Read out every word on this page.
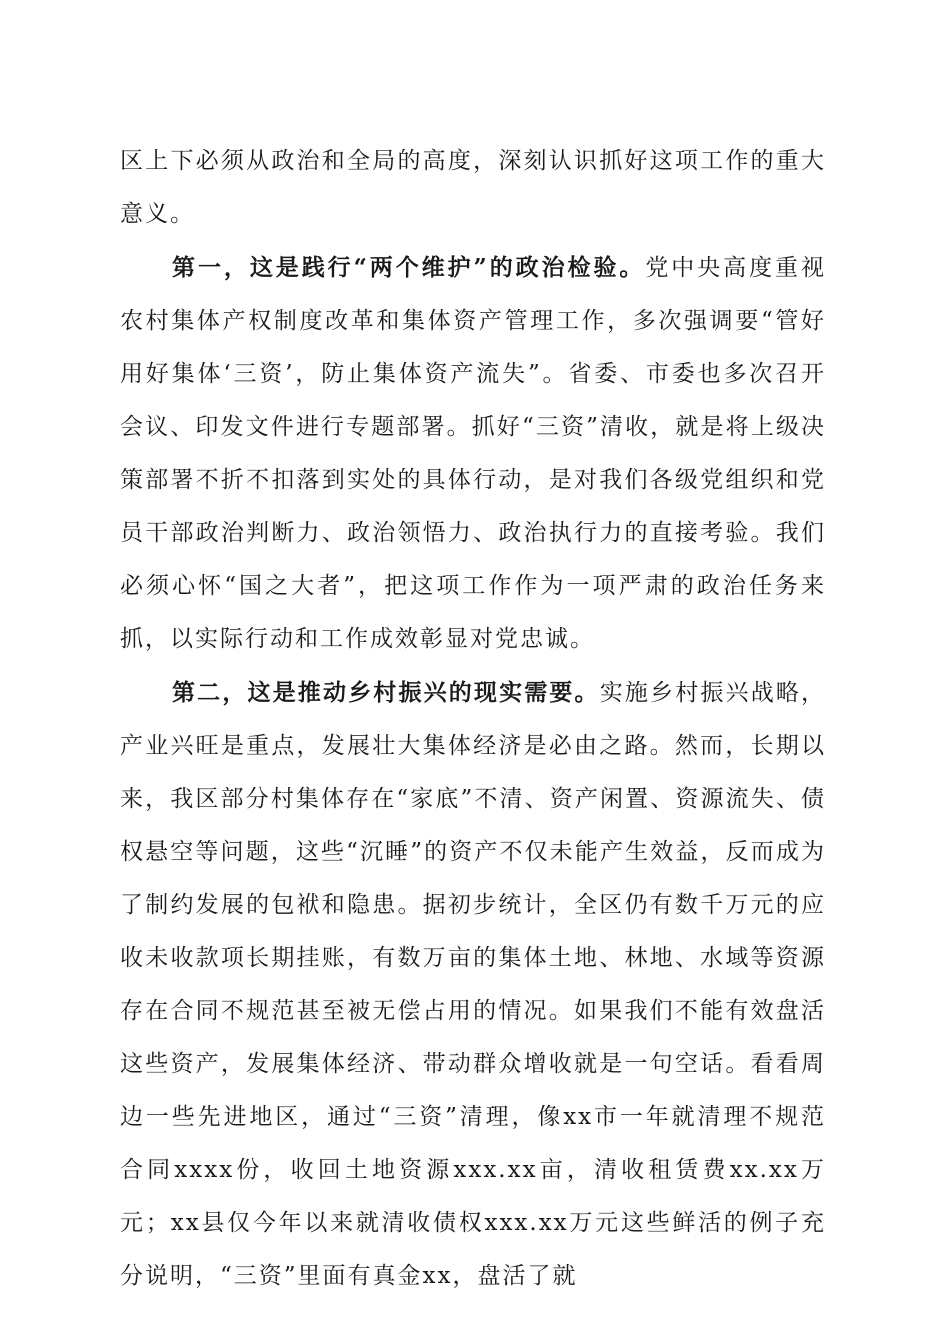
区上下必须从政治和全局的高度，深刻认识抓好这项工作的重大意义。

第一，这是践行“两个维护”的政治检验。党中央高度重视农村集体产权制度改革和集体资产管理工作，多次强调要“管好用好集体‘三资’，防止集体资产流失”。省委、市委也多次召开会议、印发文件进行专题部署。抓好“三资”清收，就是将上级决策部署不折不扣落到实处的具体行动，是对我们各级党组织和党员干部政治判断力、政治领悟力、政治执行力的直接考验。我们必须心怀“国之大者”，把这项工作作为一项严肃的政治任务来抓，以实际行动和工作成效彰显对党忠诚。

第二，这是推动乡村振兴的现实需要。实施乡村振兴战略，产业兴旺是重点，发展壮大集体经济是必由之路。然而，长期以来，我区部分村集体存在“家底”不清、资产闲置、资源流失、债权悬空等问题，这些“沉睡”的资产不仅未能产生效益，反而成为了制约发展的包袱和隐患。据初步统计，全区仍有数千万元的应收未收款项长期挂账，有数万亩的集体土地、林地、水域等资源存在合同不规范甚至被无偿占用的情况。如果我们不能有效盘活这些资产，发展集体经济、带动群众增收就是一句空话。看看周边一些先进地区，通过“三资”清理，像xx市一年就清理不规范合同xxxx份，收回土地资源xxx.xx亩，清收租赁费xx.xx万元；xx县仅今年以来就清收债权xxx.xx万元这些鲜活的例子充分说明，“三资”里面有真金xx，盘活了就
